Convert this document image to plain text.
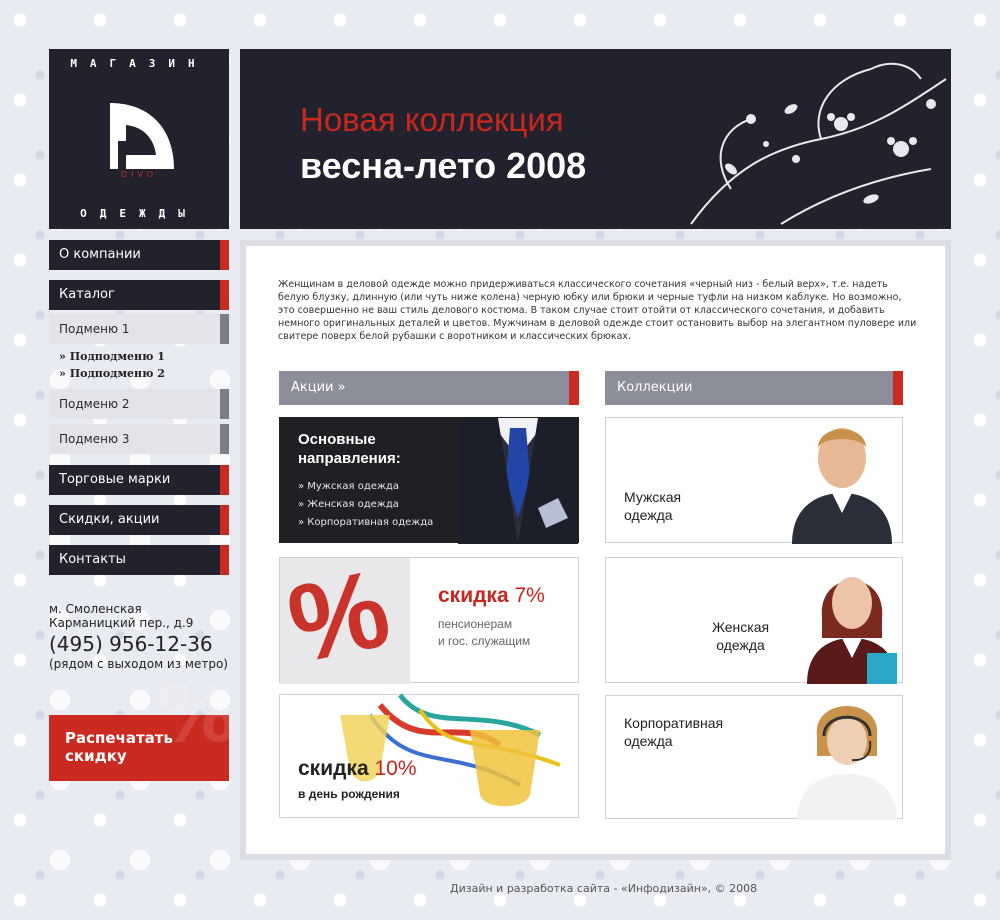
МАГАЗИН
DIVO
ОДЕЖДЫ
Новая коллекция
весна-лето 2008
О компании
Каталог
Подменю 1
» Подподменю 1
» Подподменю 2
Подменю 2
Подменю 3
Торговые марки
Скидки, акции
Контакты
м. Смоленская
Карманицкий пер., д.9
(495) 956-12-36
(рядом с выходом из метро)
%
Распечатать
скидку

Женщинам в деловой одежде можно придерживаться классического сочетания «черный низ - белый верх», т.е. надеть белую блузку, длинную (или чуть ниже колена) черную юбку или брюки и черные туфли на низком каблуке. Но возможно, это совершенно не ваш стиль делового костюма. В таком случае стоит отойти от классического сочетания, и добавить немного оригинальных деталей и цветов. Мужчинам в деловой одежде стоит остановить выбор на элегантном пуловере или свитере поверх белой рубашки с воротником и классических брюках.

Акции »	Коллекции
Основные
направления:
» Мужская одежда
» Женская одежда
» Корпоративная одежда
% скидка 7%
пенсионерам
и гос. служащим
скидка 10%
в день рождения
Мужская
одежда
Женская
одежда
Корпоративная
одежда
Дизайн и разработка сайта - «Инфодизайн», © 2008
